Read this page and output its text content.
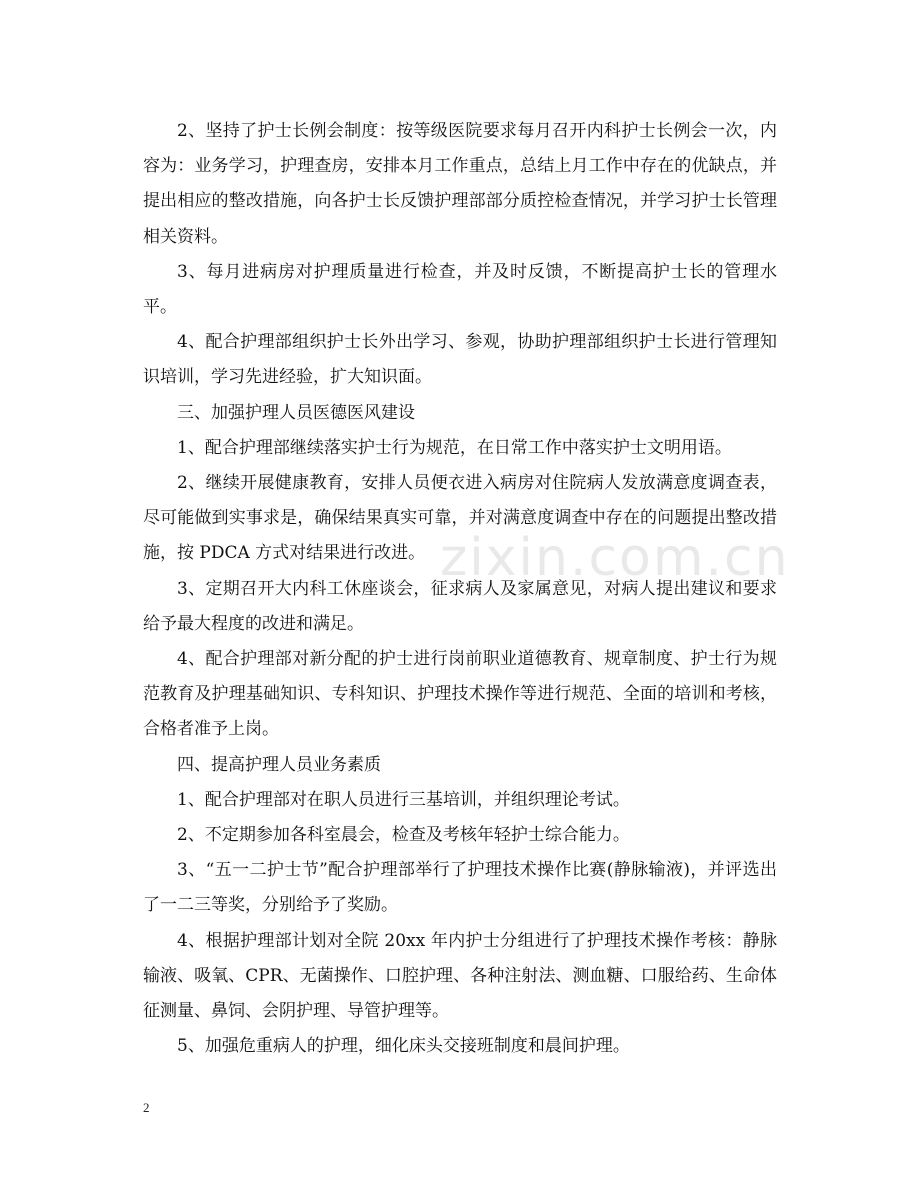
zixin.com.cn

2、坚持了护士长例会制度：按等级医院要求每月召开内科护士长例会一次，内容为：业务学习，护理查房，安排本月工作重点，总结上月工作中存在的优缺点，并提出相应的整改措施，向各护士长反馈护理部部分质控检查情况，并学习护士长管理相关资料。

3、每月进病房对护理质量进行检查，并及时反馈，不断提高护士长的管理水平。

4、配合护理部组织护士长外出学习、参观，协助护理部组织护士长进行管理知识培训，学习先进经验，扩大知识面。

三、加强护理人员医德医风建设

1、配合护理部继续落实护士行为规范，在日常工作中落实护士文明用语。

2、继续开展健康教育，安排人员便衣进入病房对住院病人发放满意度调查表，尽可能做到实事求是，确保结果真实可靠，并对满意度调查中存在的问题提出整改措施，按 PDCA 方式对结果进行改进。

3、定期召开大内科工休座谈会，征求病人及家属意见，对病人提出建议和要求给予最大程度的改进和满足。

4、配合护理部对新分配的护士进行岗前职业道德教育、规章制度、护士行为规范教育及护理基础知识、专科知识、护理技术操作等进行规范、全面的培训和考核，合格者准予上岗。

四、提高护理人员业务素质

1、配合护理部对在职人员进行三基培训，并组织理论考试。

2、不定期参加各科室晨会，检查及考核年轻护士综合能力。

3、“五一二护士节”配合护理部举行了护理技术操作比赛(静脉输液)，并评选出了一二三等奖，分别给予了奖励。

4、根据护理部计划对全院 20xx 年内护士分组进行了护理技术操作考核：静脉输液、吸氧、CPR、无菌操作、口腔护理、各种注射法、测血糖、口服给药、生命体征测量、鼻饲、会阴护理、导管护理等。

5、加强危重病人的护理，细化床头交接班制度和晨间护理。

2
